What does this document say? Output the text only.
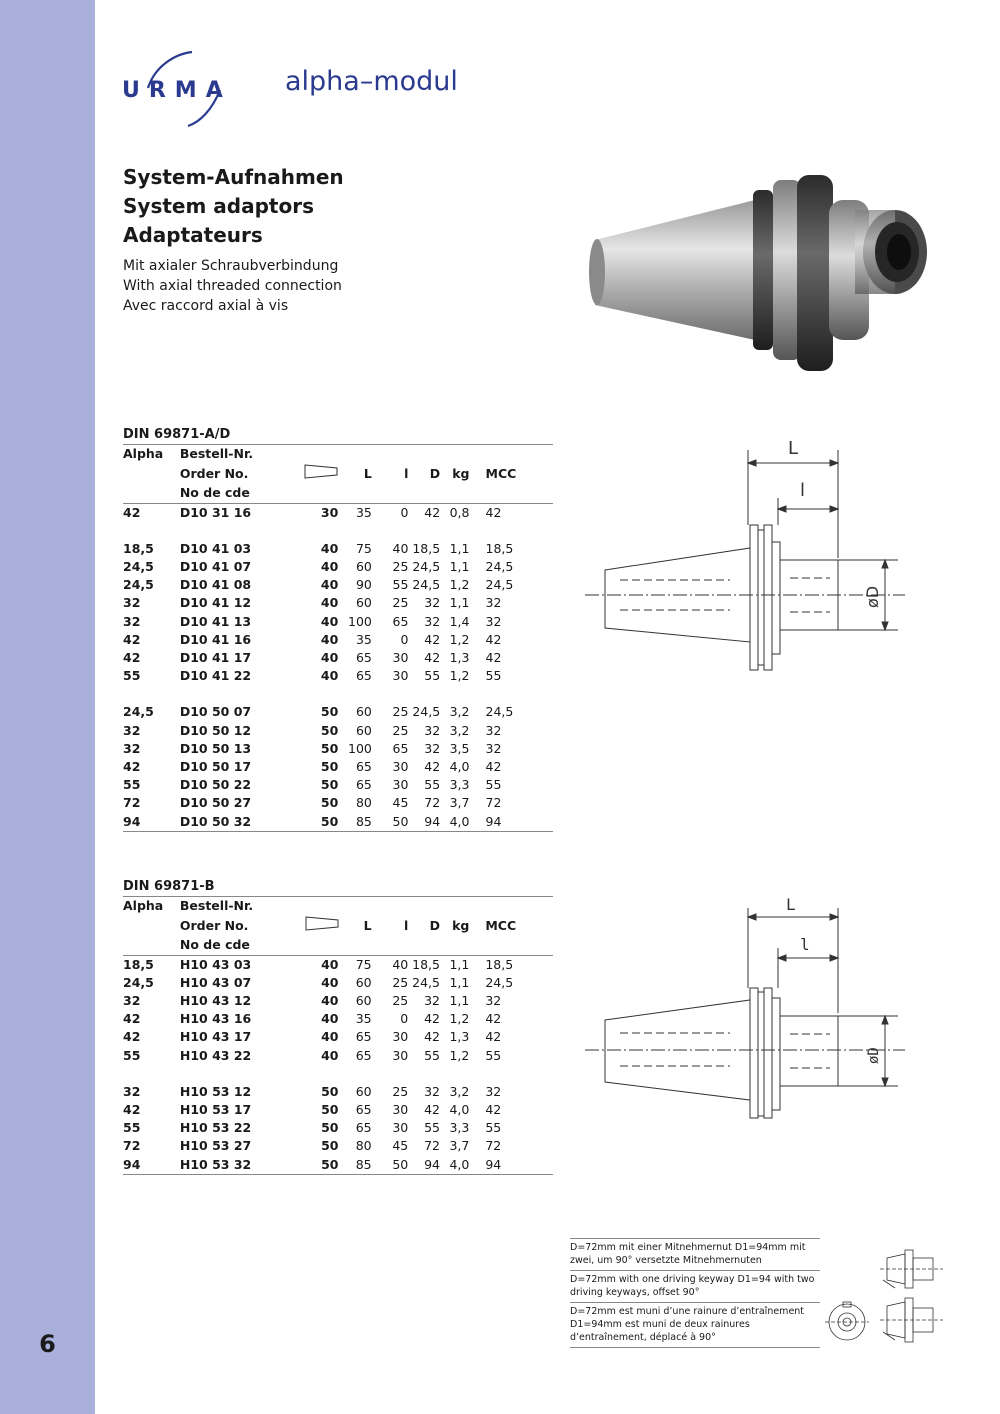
6
URMA alpha–modul
System-Aufnahmen
System adaptors
Adaptateurs
Mit axialer Schraubverbindung
With axial threaded connection
Avec raccord axial à vis
DIN 69871-A/D
Alpha	Bestell-Nr.						
	Order No.		L	l	D	kg	MCC
	No de cde						
42	D10 31 16	30	35	0	42	0,8	42

18,5	D10 41 03	40	75	40	18,5	1,1	18,5
24,5	D10 41 07	40	60	25	24,5	1,1	24,5
24,5	D10 41 08	40	90	55	24,5	1,2	24,5
32	D10 41 12	40	60	25	32	1,1	32
32	D10 41 13	40	100	65	32	1,4	32
42	D10 41 16	40	35	0	42	1,2	42
42	D10 41 17	40	65	30	42	1,3	42
55	D10 41 22	40	65	30	55	1,2	55

24,5	D10 50 07	50	60	25	24,5	3,2	24,5
32	D10 50 12	50	60	25	32	3,2	32
32	D10 50 13	50	100	65	32	3,5	32
42	D10 50 17	50	65	30	42	4,0	42
55	D10 50 22	50	65	30	55	3,3	55
72	D10 50 27	50	80	45	72	3,7	72
94	D10 50 32	50	85	50	94	4,0	94
DIN 69871-B
Alpha	Bestell-Nr.						
	Order No.		L	l	D	kg	MCC
	No de cde						
18,5	H10 43 03	40	75	40	18,5	1,1	18,5
24,5	H10 43 07	40	60	25	24,5	1,1	24,5
32	H10 43 12	40	60	25	32	1,1	32
42	H10 43 16	40	35	0	42	1,2	42
42	H10 43 17	40	65	30	42	1,3	42
55	H10 43 22	40	65	30	55	1,2	55

32	H10 53 12	50	60	25	32	3,2	32
42	H10 53 17	50	65	30	42	4,0	42
55	H10 53 22	50	65	30	55	3,3	55
72	H10 53 27	50	80	45	72	3,7	72
94	H10 53 32	50	85	50	94	4,0	94
L
l
øD
L
l
øD
D=72mm mit einer Mitnehmernut D1=94mm mit zwei, um 90° versetzte Mitnehmernuten
D=72mm with one driving keyway D1=94 with two driving keyways, offset 90°
D=72mm est muni d’une rainure d’entraînement D1=94mm est muni de deux rainures d’entraînement, déplacé à 90°
